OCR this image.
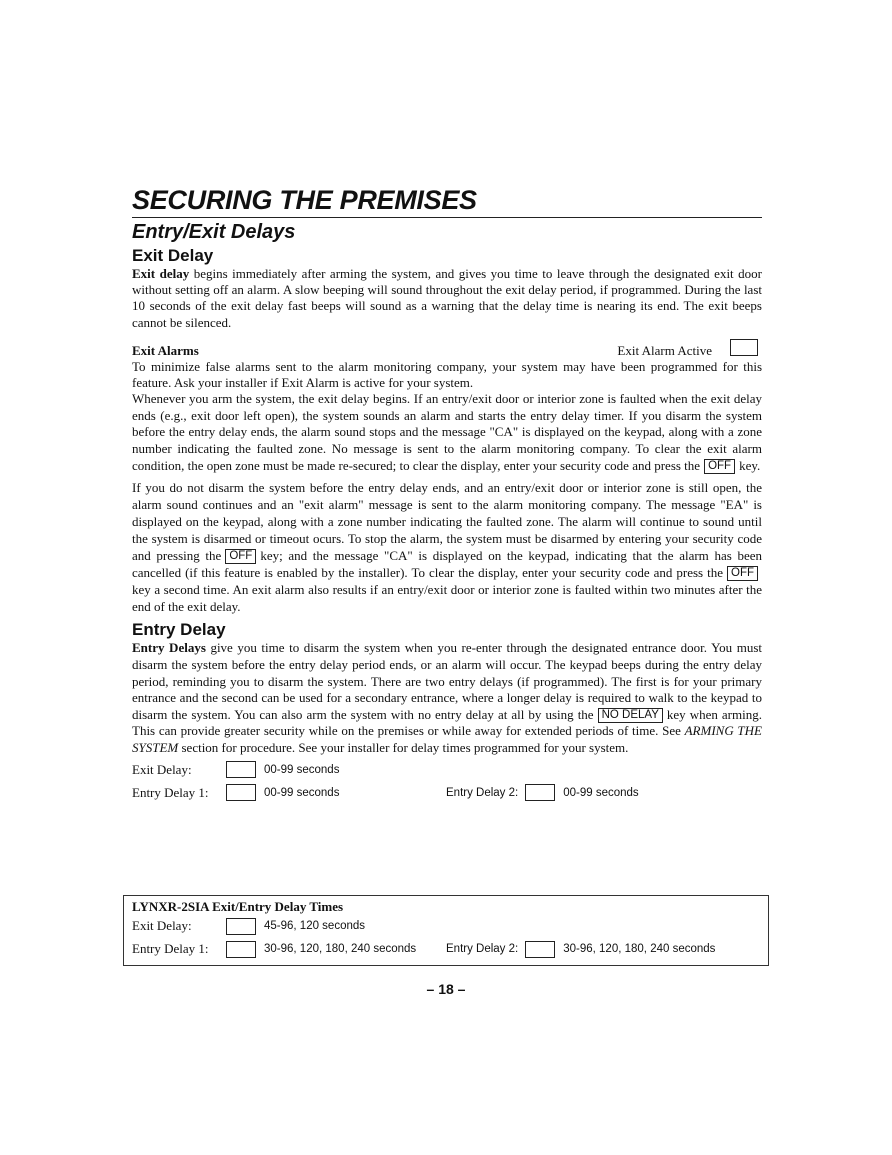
SECURING THE PREMISES
Entry/Exit Delays
Exit Delay

Exit delay begins immediately after arming the system, and gives you time to leave through the designated exit door without setting off an alarm. A slow beeping will sound throughout the exit delay period, if programmed. During the last 10 seconds of the exit delay fast beeps will sound as a warning that the delay time is nearing its end. The exit beeps cannot be silenced.

Exit Alarms	Exit Alarm Active

To minimize false alarms sent to the alarm monitoring company, your system may have been programmed for this feature. Ask your installer if Exit Alarm is active for your system.

Whenever you arm the system, the exit delay begins. If an entry/exit door or interior zone is faulted when the exit delay ends (e.g., exit door left open), the system sounds an alarm and starts the entry delay timer. If you disarm the system before the entry delay ends, the alarm sound stops and the message "CA" is displayed on the keypad, along with a zone number indicating the faulted zone. No message is sent to the alarm monitoring company. To clear the exit alarm condition, the open zone must be made re-secured; to clear the display, enter your security code and press the OFF key.

If you do not disarm the system before the entry delay ends, and an entry/exit door or interior zone is still open, the alarm sound continues and an "exit alarm" message is sent to the alarm monitoring company. The message "EA" is displayed on the keypad, along with a zone number indicating the faulted zone. The alarm will continue to sound until the system is disarmed or timeout ocurs. To stop the alarm, the system must be disarmed by entering your security code and pressing the OFF key; and the message "CA" is displayed on the keypad, indicating that the alarm has been cancelled (if this feature is enabled by the installer). To clear the display, enter your security code and press the OFFkey a second time. An exit alarm also results if an entry/exit door or interior zone is faulted within two minutes after the end of the exit delay.

Entry Delay

Entry Delays give you time to disarm the system when you re-enter through the designated entrance door. You must disarm the system before the entry delay period ends, or an alarm will occur. The keypad beeps during the entry delay period, reminding you to disarm the system. There are two entry delays (if programmed). The first is for your primary entrance and the second can be used for a secondary entrance, where a longer delay is required to walk to the keypad to disarm the system. You can also arm the system with no entry delay at all by using the NO DELAY key when arming. This can provide greater security while on the premises or while away for extended periods of time. See ARMING THE SYSTEM section for procedure. See your installer for delay times programmed for your system.

Exit Delay:	00-99 seconds
Entry Delay 1:	00-99 seconds	Entry Delay 2:	00-99 seconds
LYNXR-2SIA Exit/Entry Delay Times
Exit Delay:	45-96, 120 seconds
Entry Delay 1:	30-96, 120, 180, 240 seconds	Entry Delay 2:	30-96, 120, 180, 240 seconds
– 18 –
